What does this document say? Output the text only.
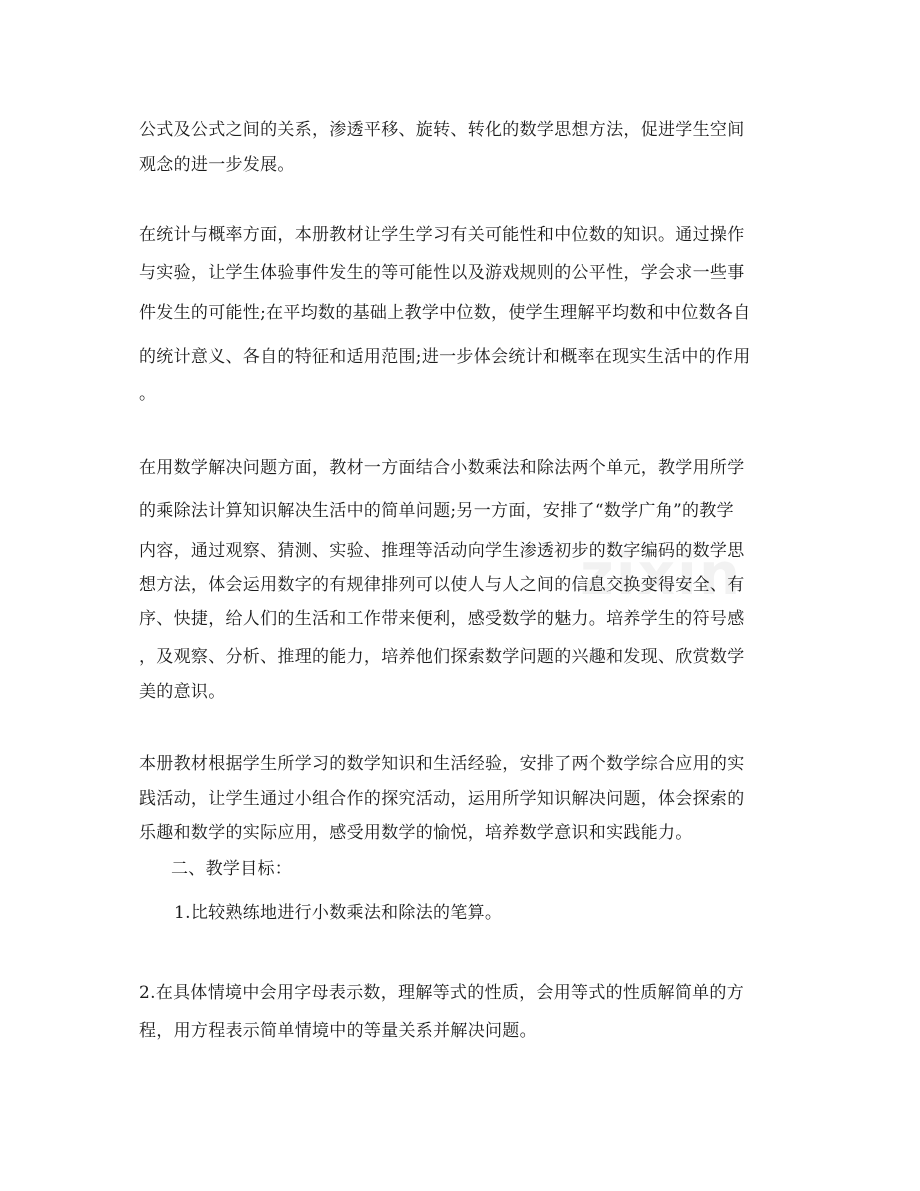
zixin
公式及公式之间的关系，渗透平移、旋转、转化的数学思想方法，促进学生空间
观念的进一步发展。
在统计与概率方面，本册教材让学生学习有关可能性和中位数的知识。通过操作
与实验，让学生体验事件发生的等可能性以及游戏规则的公平性，学会求一些事
件发生的可能性;在平均数的基础上教学中位数，使学生理解平均数和中位数各自
的统计意义、各自的特征和适用范围;进一步体会统计和概率在现实生活中的作用
。
在用数学解决问题方面，教材一方面结合小数乘法和除法两个单元，教学用所学
的乘除法计算知识解决生活中的简单问题;另一方面，安排了“数学广角”的教学
内容，通过观察、猜测、实验、推理等活动向学生渗透初步的数字编码的数学思
想方法，体会运用数字的有规律排列可以使人与人之间的信息交换变得安全、有
序、快捷，给人们的生活和工作带来便利，感受数学的魅力。培养学生的符号感
，及观察、分析、推理的能力，培养他们探索数学问题的兴趣和发现、欣赏数学
美的意识。
本册教材根据学生所学习的数学知识和生活经验，安排了两个数学综合应用的实
践活动，让学生通过小组合作的探究活动，运用所学知识解决问题，体会探索的
乐趣和数学的实际应用，感受用数学的愉悦，培养数学意识和实践能力。
二、教学目标：
1.比较熟练地进行小数乘法和除法的笔算。
2.在具体情境中会用字母表示数，理解等式的性质，会用等式的性质解简单的方
程，用方程表示简单情境中的等量关系并解决问题。
